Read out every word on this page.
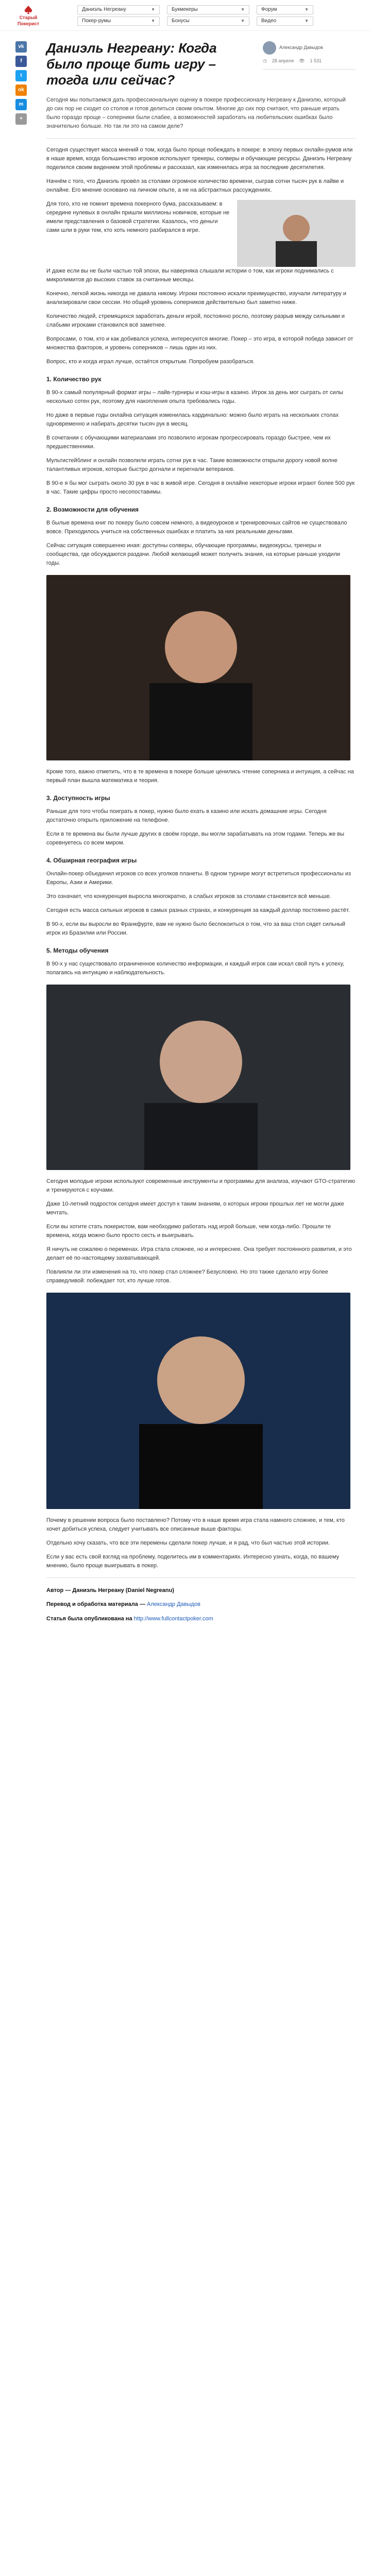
Старый
Покерист
Даниэль Негреану	▼	Букмекеры	▼	Форум	▼
Покер-румы	▼	Бонусы	▼	Видео	▼
vk
f
t
ok
m
+
Даниэль Негреану: Когда было проще бить игру – тогда или сейчас?
Александр Давыдов
◷ 28 апреля 👁 1 531

Сегодня мы попытаемся дать профессиональную оценку в покере профессионалу Негреану к Даниэлю, который до сих пор не сходит со столов и готов делиться своим опытом. Многие до сих пор считают, что раньше играть было гораздо проще – соперники были слабее, а возможностей заработать на любительских ошибках было значительно больше. Но так ли это на самом деле?

Сегодня существует масса мнений о том, когда было проще побеждать в покере: в эпоху первых онлайн-румов или в наше время, когда большинство игроков используют трекеры, солверы и обучающие ресурсы. Даниэль Негреану поделился своим видением этой проблемы и рассказал, как изменилась игра за последние десятилетия.

Начнём с того, что Даниэль провёл за столами огромное количество времени, сыграв сотни тысяч рук в лайве и онлайне. Его мнение основано на личном опыте, а не на абстрактных рассуждениях.

Для того, кто не помнит времена покерного бума, рассказываем: в середине нулевых в онлайн пришли миллионы новичков, которые не имели представления о базовой стратегии. Казалось, что деньги сами шли в руки тем, кто хоть немного разбирался в игре.

И даже если вы не были частью той эпохи, вы наверняка слышали истории о том, как игроки поднимались с микролимитов до высоких ставок за считанные месяцы.

Конечно, легкой жизнь никогда не давала никому. Игроки постоянно искали преимущество, изучали литературу и анализировали свои сессии. Но общий уровень соперников действительно был заметно ниже.

Количество людей, стремящихся заработать деньги игрой, постоянно росло, поэтому разрыв между сильными и слабыми игроками становился всё заметнее.

Вопросами, о том, кто и как добивался успеха, интересуются многие. Покер – это игра, в которой победа зависит от множества факторов, и уровень соперников – лишь один из них.

Вопрос, кто и когда играл лучше, остаётся открытым. Попробуем разобраться.

1. Количество рук

В 90-х самый популярный формат игры – лайв-турниры и кэш-игры в казино. Игрок за день мог сыграть от силы несколько сотен рук, поэтому для накопления опыта требовались годы.

Но даже в первые годы онлайна ситуация изменилась кардинально: можно было играть на нескольких столах одновременно и набирать десятки тысяч рук в месяц.

В сочетании с обучающими материалами это позволило игрокам прогрессировать гораздо быстрее, чем их предшественники.

Мультистейблинг и онлайн позволили играть сотни рук в час. Такие возможности открыли дорогу новой волне талантливых игроков, которые быстро догнали и перегнали ветеранов.

В 90-е я бы мог сыграть около 30 рук в час в живой игре. Сегодня в онлайне некоторые игроки играют более 500 рук в час. Такие цифры просто несопоставимы.

2. Возможности для обучения

В былые времена книг по покеру было совсем немного, а видеоуроков и тренировочных сайтов не существовало вовсе. Приходилось учиться на собственных ошибках и платить за них реальными деньгами.

Сейчас ситуация совершенно иная: доступны солверы, обучающие программы, видеокурсы, тренеры и сообщества, где обсуждаются раздачи. Любой желающий может получить знания, на которые раньше уходили годы.

Кроме того, важно отметить, что в те времена в покере больше ценились чтение соперника и интуиция, а сейчас на первый план вышла математика и теория.

3. Доступность игры

Раньше для того чтобы поиграть в покер, нужно было ехать в казино или искать домашние игры. Сегодня достаточно открыть приложение на телефоне.

Если в те времена вы были лучше других в своём городе, вы могли зарабатывать на этом годами. Теперь же вы соревнуетесь со всем миром.

4. Обширная география игры

Онлайн-покер объединил игроков со всех уголков планеты. В одном турнире могут встретиться профессионалы из Европы, Азии и Америки.

Это означает, что конкуренция выросла многократно, а слабых игроков за столами становится всё меньше.

Сегодня есть масса сильных игроков в самых разных странах, и конкуренция за каждый доллар постоянно растёт.

В 90-х, если вы выросли во Франкфурте, вам не нужно было беспокоиться о том, что за ваш стол сядет сильный игрок из Бразилии или России.

5. Методы обучения

В 90-х у нас существовало ограниченное количество информации, и каждый игрок сам искал свой путь к успеху, полагаясь на интуицию и наблюдательность.

Сегодня молодые игроки используют современные инструменты и программы для анализа, изучают GTO-стратегию и тренируются с коучами.

Даже 10-летний подросток сегодня имеет доступ к таким знаниям, о которых игроки прошлых лет не могли даже мечтать.

Если вы хотите стать покеристом, вам необходимо работать над игрой больше, чем когда-либо. Прошли те времена, когда можно было просто сесть и выигрывать.

Я ничуть не сожалею о переменах. Игра стала сложнее, но и интереснее. Она требует постоянного развития, и это делает её по-настоящему захватывающей.

Повлияли ли эти изменения на то, что покер стал сложнее? Безусловно. Но это также сделало игру более справедливой: побеждает тот, кто лучше готов.

Почему в решении вопроса было поставлено? Потому что в наше время игра стала намного сложнее, и тем, кто хочет добиться успеха, следует учитывать все описанные выше факторы.

Отдельно хочу сказать, что все эти перемены сделали покер лучше, и я рад, что был частью этой истории.

Если у вас есть свой взгляд на проблему, поделитесь им в комментариях. Интересно узнать, когда, по вашему мнению, было проще выигрывать в покер.

Автор — Даниэль Негреану (Daniel Negreanu)

Перевод и обработка материала — Александр Давыдов

Статья была опубликована на http://www.fullcontactpoker.com
